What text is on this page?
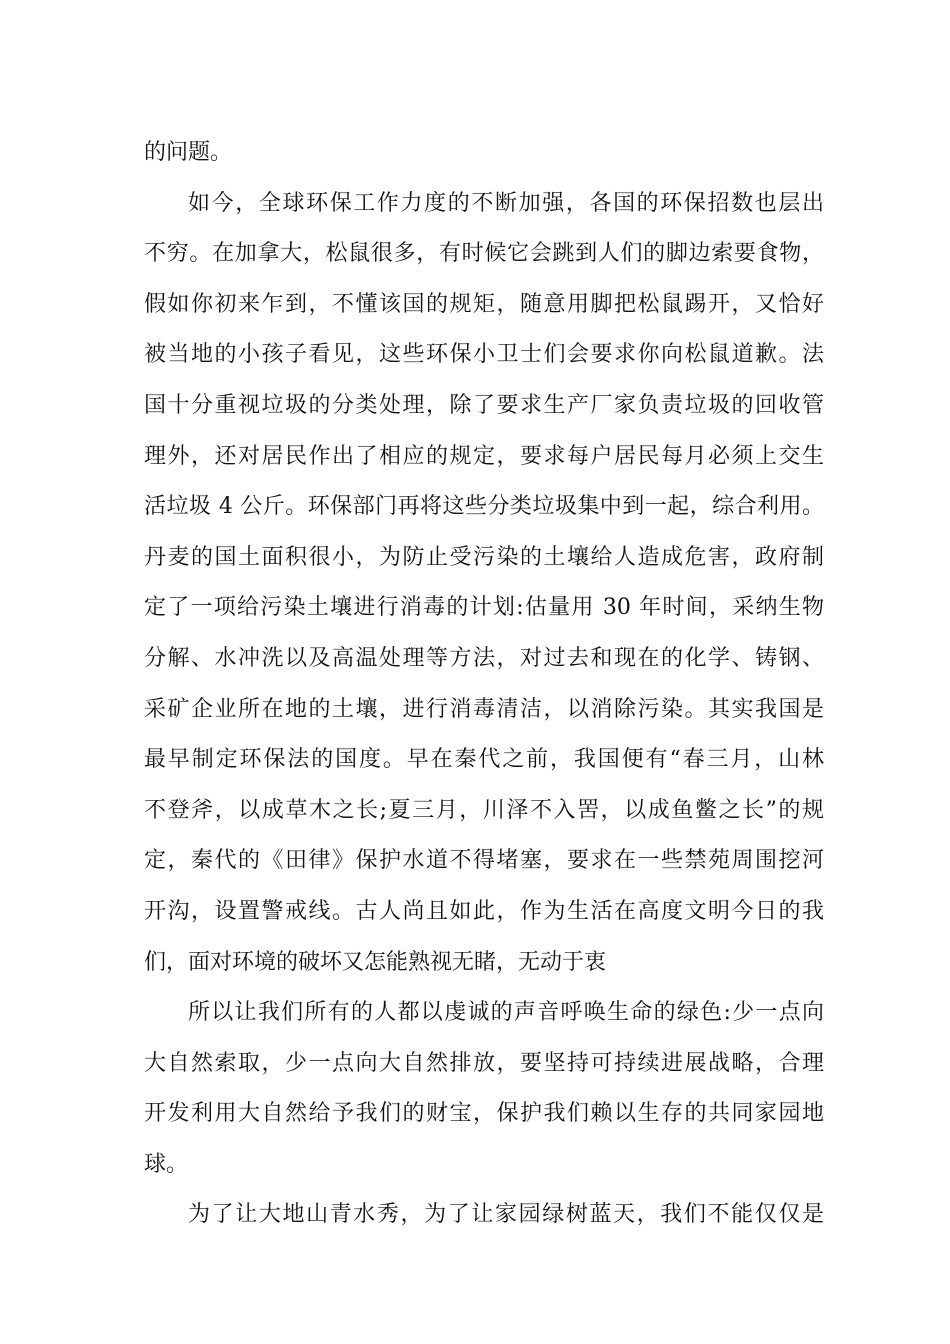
的问题。
如今，全球环保工作力度的不断加强，各国的环保招数也层出
不穷。在加拿大，松鼠很多，有时候它会跳到人们的脚边索要食物，
假如你初来乍到，不懂该国的规矩，随意用脚把松鼠踢开，又恰好
被当地的小孩子看见，这些环保小卫士们会要求你向松鼠道歉。法
国十分重视垃圾的分类处理，除了要求生产厂家负责垃圾的回收管
理外，还对居民作出了相应的规定，要求每户居民每月必须上交生
活垃圾 4 公斤。环保部门再将这些分类垃圾集中到一起，综合利用。
丹麦的国土面积很小，为防止受污染的土壤给人造成危害，政府制
定了一项给污染土壤进行消毒的计划:估量用 30 年时间，采纳生物
分解、水冲洗以及高温处理等方法，对过去和现在的化学、铸钢、
采矿企业所在地的土壤，进行消毒清洁，以消除污染。其实我国是
最早制定环保法的国度。早在秦代之前，我国便有“春三月，山林
不登斧，以成草木之长;夏三月，川泽不入罟，以成鱼鳖之长”的规
定，秦代的《田律》保护水道不得堵塞，要求在一些禁苑周围挖河
开沟，设置警戒线。古人尚且如此，作为生活在高度文明今日的我
们，面对环境的破坏又怎能熟视无睹，无动于衷
所以让我们所有的人都以虔诚的声音呼唤生命的绿色:少一点向
大自然索取，少一点向大自然排放，要坚持可持续进展战略，合理
开发利用大自然给予我们的财宝，保护我们赖以生存的共同家园地
球。
为了让大地山青水秀，为了让家园绿树蓝天，我们不能仅仅是
